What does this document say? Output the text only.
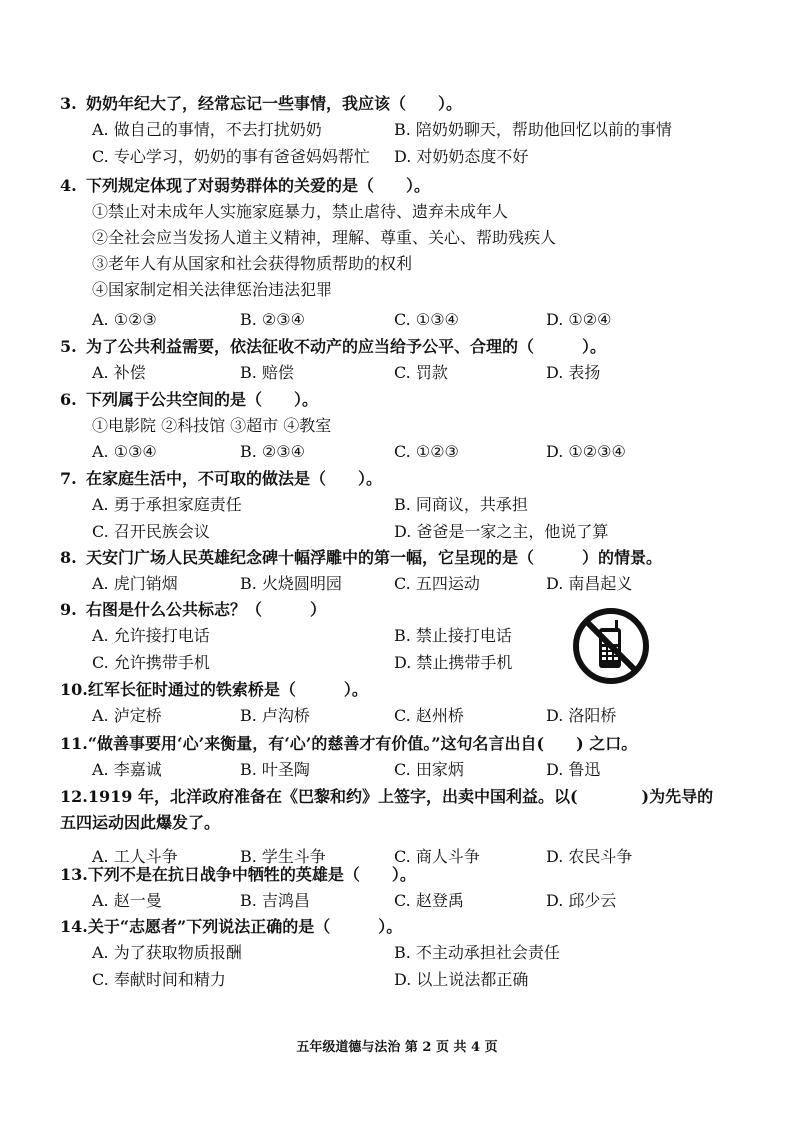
3. 奶奶年纪大了，经常忘记一些事情，我应该（　　）。
A. 做自己的事情，不去打扰奶奶	B. 陪奶奶聊天，帮助他回忆以前的事情
C. 专心学习，奶奶的事有爸爸妈妈帮忙	D. 对奶奶态度不好
4. 下列规定体现了对弱势群体的关爱的是（　　）。
①禁止对未成年人实施家庭暴力，禁止虐待、遗弃未成年人
②全社会应当发扬人道主义精神，理解、尊重、关心、帮助残疾人
③老年人有从国家和社会获得物质帮助的权利
④国家制定相关法律惩治违法犯罪
A. ①②③	B. ②③④	C. ①③④	D. ①②④
5. 为了公共利益需要，依法征收不动产的应当给予公平、合理的（　　　）。
A. 补偿	B. 赔偿	C. 罚款	D. 表扬
6. 下列属于公共空间的是（　　）。
①电影院 ②科技馆 ③超市 ④教室
A. ①③④	B. ②③④	C. ①②③	D. ①②③④
7. 在家庭生活中，不可取的做法是（　　）。
A. 勇于承担家庭责任	B. 同商议，共承担
C. 召开民族会议	D. 爸爸是一家之主，他说了算
8. 天安门广场人民英雄纪念碑十幅浮雕中的第一幅，它呈现的是（　　　）的情景。
A. 虎门销烟	B. 火烧圆明园	C. 五四运动	D. 南昌起义
9. 右图是什么公共标志？（　　　）
A. 允许接打电话	B. 禁止接打电话
C. 允许携带手机	D. 禁止携带手机
10.红军长征时通过的铁索桥是（　　　）。
A. 泸定桥	B. 卢沟桥	C. 赵州桥	D. 洛阳桥
11.“做善事要用‘心’来衡量，有‘心’的慈善才有价值。”这句名言出自(　　) 之口。
A. 李嘉诚	B. 叶圣陶	C. 田家炳	D. 鲁迅
12.1919 年，北洋政府准备在《巴黎和约》上签字，出卖中国利益。以(　　　　)为先导的五四运动因此爆发了。
A. 工人斗争	B. 学生斗争	C. 商人斗争	D. 农民斗争
13.下列不是在抗日战争中牺牲的英雄是（　　）。
A. 赵一曼	B. 吉鸿昌	C. 赵登禹	D. 邱少云
14.关于“志愿者”下列说法正确的是（　　　）。
A. 为了获取物质报酬	B. 不主动承担社会责任
C. 奉献时间和精力	D. 以上说法都正确
五年级道德与法治 第 2 页 共 4 页
